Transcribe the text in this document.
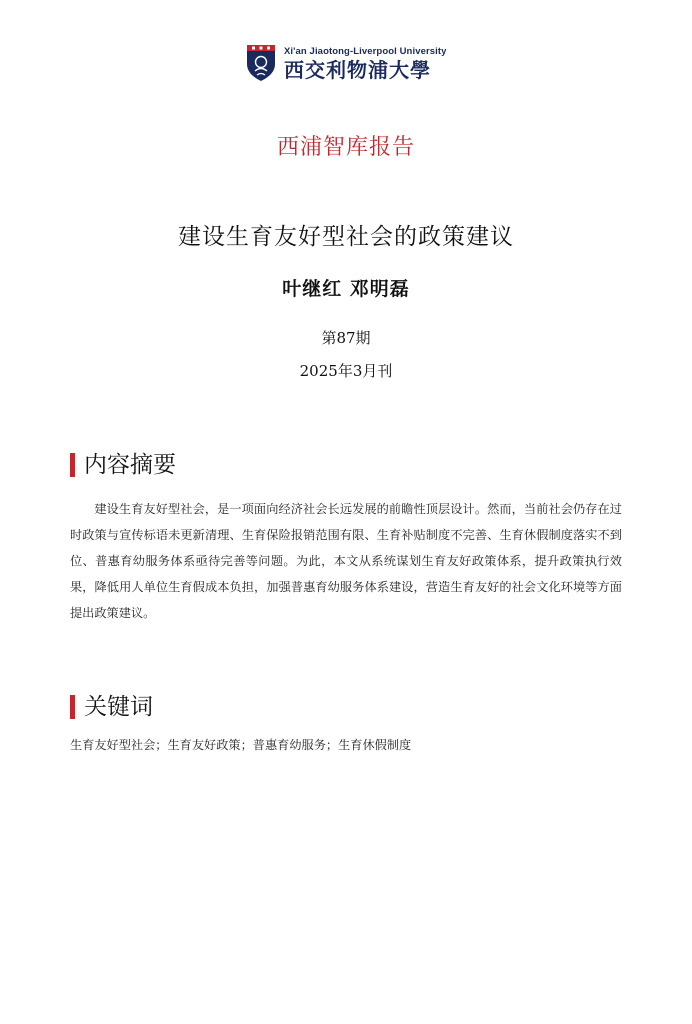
Xi'an Jiaotong-Liverpool University
西交利物浦大學
西浦智库报告
建设生育友好型社会的政策建议
叶继红 邓明磊
第87期
2025年3月刊
内容摘要

建设生育友好型社会，是一项面向经济社会长远发展的前瞻性顶层设计。然而，当前社会仍存在过时政策与宣传标语未更新清理、生育保险报销范围有限、生育补贴制度不完善、生育休假制度落实不到位、普惠育幼服务体系亟待完善等问题。为此，本文从系统谋划生育友好政策体系，提升政策执行效果，降低用人单位生育假成本负担，加强普惠育幼服务体系建设，营造生育友好的社会文化环境等方面提出政策建议。

关键词
生育友好型社会；生育友好政策；普惠育幼服务；生育休假制度
